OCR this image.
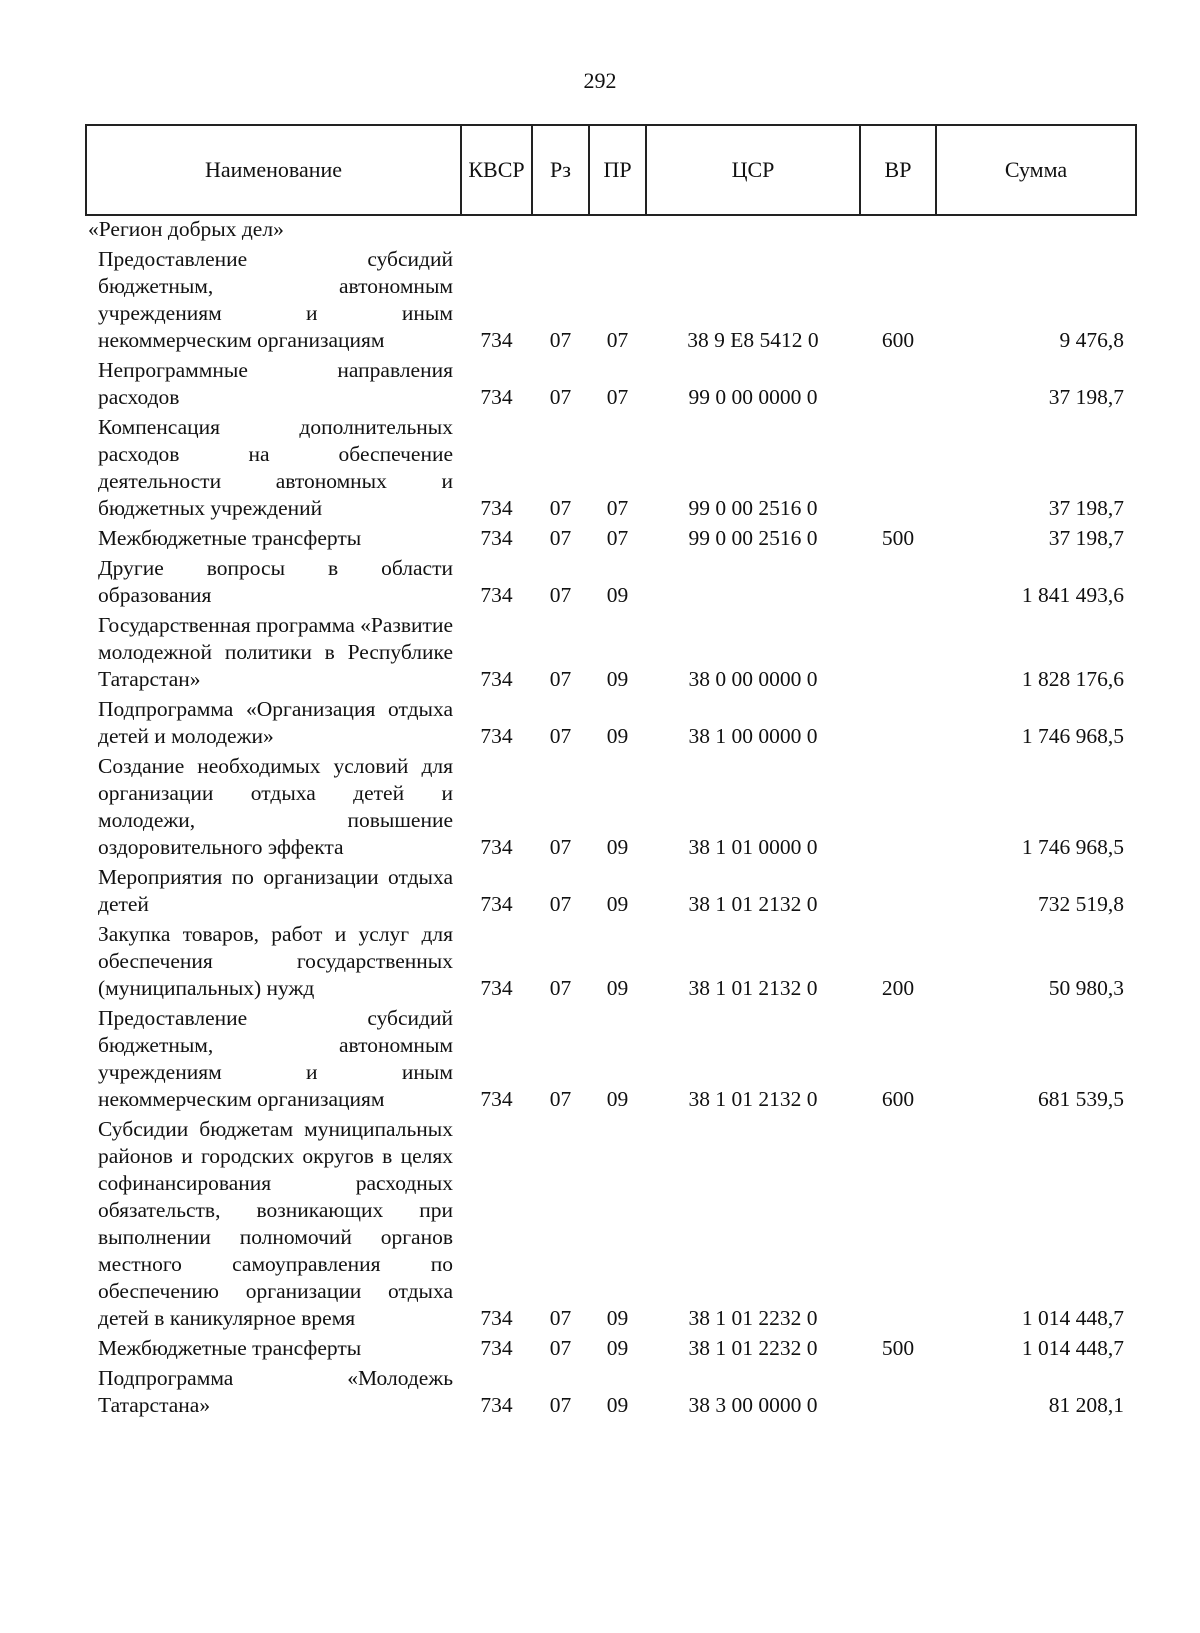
292
Наименование	КВСР	Рз	ПР	ЦСР	ВР	Сумма
«Регион добрых дел»						
Предоставление субсидий бюджетным, автономным учреждениям и иным некоммерческим организациям	734	07	07	38 9 E8 5412 0	600	9 476,8
Непрограммные направления расходов	734	07	07	99 0 00 0000 0		37 198,7
Компенсация дополнительных расходов на обеспечение деятельности автономных и бюджетных учреждений	734	07	07	99 0 00 2516 0		37 198,7
Межбюджетные трансферты	734	07	07	99 0 00 2516 0	500	37 198,7
Другие вопросы в области образования	734	07	09			1 841 493,6
Государственная программа «Развитие молодежной политики в Республике Татарстан»	734	07	09	38 0 00 0000 0		1 828 176,6
Подпрограмма «Организация отдыха детей и молодежи»	734	07	09	38 1 00 0000 0		1 746 968,5
Создание необходимых условий для организации отдыха детей и молодежи, повышение оздоровительного эффекта	734	07	09	38 1 01 0000 0		1 746 968,5
Мероприятия по организации отдыха детей	734	07	09	38 1 01 2132 0		732 519,8
Закупка товаров, работ и услуг для обеспечения государственных (муниципальных) нужд	734	07	09	38 1 01 2132 0	200	50 980,3
Предоставление субсидий бюджетным, автономным учреждениям и иным некоммерческим организациям	734	07	09	38 1 01 2132 0	600	681 539,5
Субсидии бюджетам муниципальных районов и городских округов в целях софинансирования расходных обязательств, возникающих при выполнении полномочий органов местного самоуправления по обеспечению организации отдыха детей в каникулярное время	734	07	09	38 1 01 2232 0		1 014 448,7
Межбюджетные трансферты	734	07	09	38 1 01 2232 0	500	1 014 448,7
Подпрограмма «Молодежь Татарстана»	734	07	09	38 3 00 0000 0		81 208,1
